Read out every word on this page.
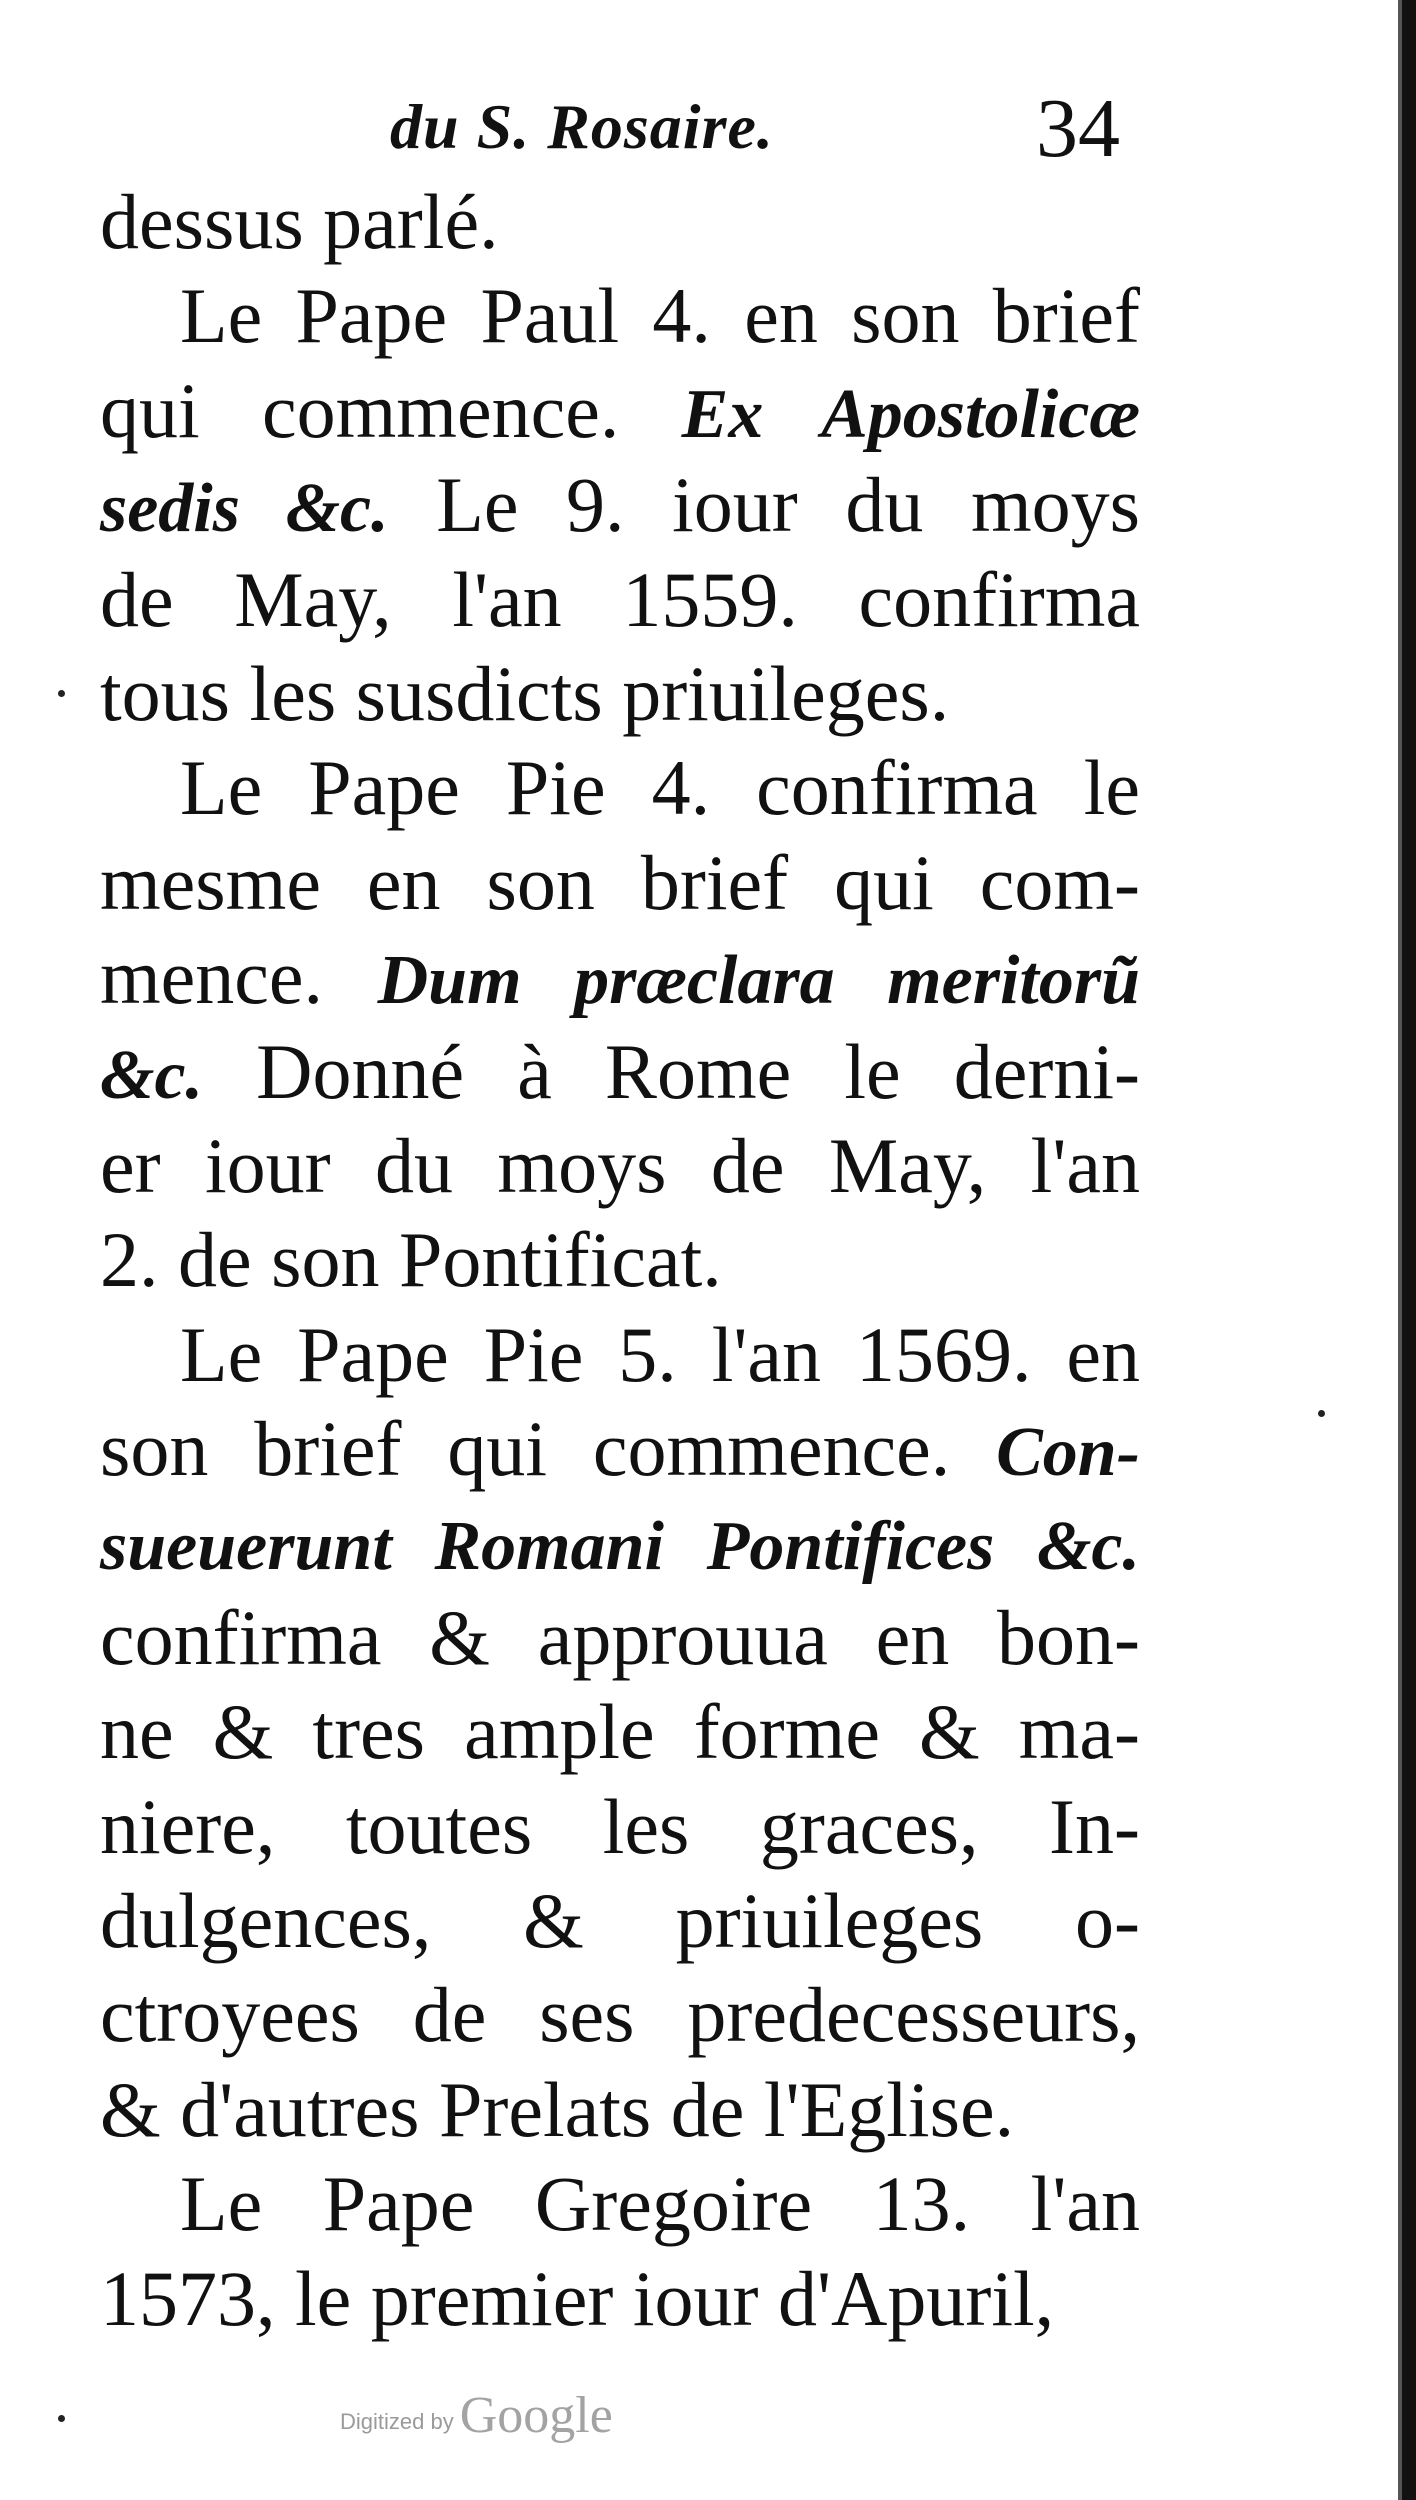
du S. Rosaire.	34
dessus parlé.
Le Pape Paul 4. en son brief
qui commence. Ex Apostolicæ
sedis &c. Le 9. iour du moys
de May, l'an 1559. confirma
tous les susdicts priuileges.
Le Pape Pie 4. confirma le
mesme en son brief qui com-
mence. Dum præclara meritorũ
&c. Donné à Rome le derni-
er iour du moys de May, l'an
2. de son Pontificat.
Le Pape Pie 5. l'an 1569. en
son brief qui commence. Con-
sueuerunt Romani Pontifices &c.
confirma & approuua en bon-
ne & tres ample forme & ma-
niere, toutes les graces, In-
dulgences, & priuileges o-
ctroyees de ses predecesseurs,
& d'autres Prelats de l'Eglise.
Le Pape Gregoire 13. l'an
1573, le premier iour d'Apuril,
Digitized by Google
